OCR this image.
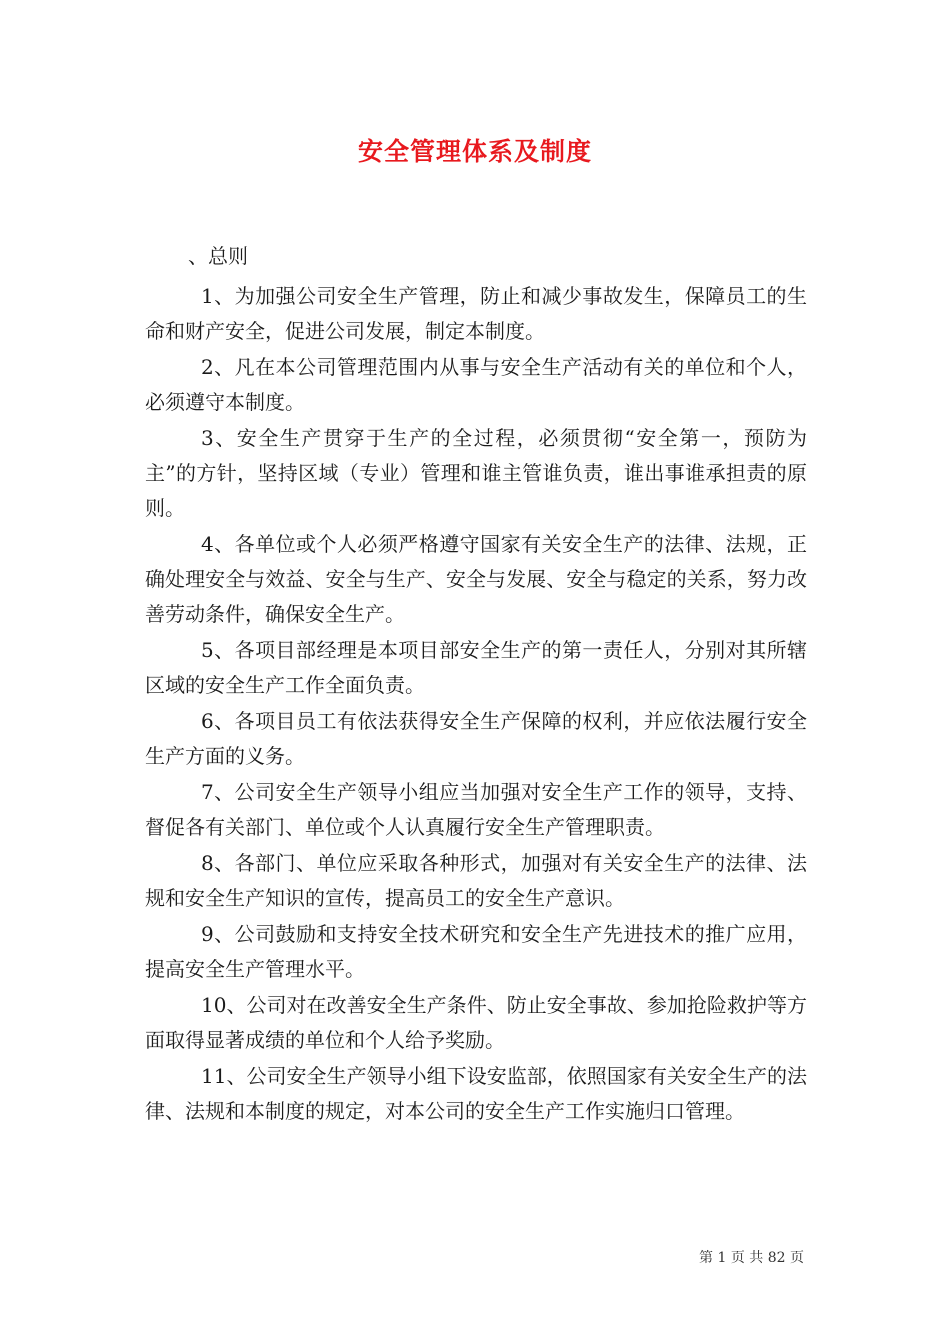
安全管理体系及制度

、总则

1、为加强公司安全生产管理，防止和减少事故发生，保障员工的生命和财产安全，促进公司发展，制定本制度。

2、凡在本公司管理范围内从事与安全生产活动有关的单位和个人，必须遵守本制度。

3、安全生产贯穿于生产的全过程，必须贯彻“安全第一，预防为主”的方针，坚持区域（专业）管理和谁主管谁负责，谁出事谁承担责的原则。

4、各单位或个人必须严格遵守国家有关安全生产的法律、法规，正确处理安全与效益、安全与生产、安全与发展、安全与稳定的关系，努力改善劳动条件，确保安全生产。

5、各项目部经理是本项目部安全生产的第一责任人，分别对其所辖区域的安全生产工作全面负责。

6、各项目员工有依法获得安全生产保障的权利，并应依法履行安全生产方面的义务。

7、公司安全生产领导小组应当加强对安全生产工作的领导，支持、督促各有关部门、单位或个人认真履行安全生产管理职责。

8、各部门、单位应采取各种形式，加强对有关安全生产的法律、法规和安全生产知识的宣传，提高员工的安全生产意识。

9、公司鼓励和支持安全技术研究和安全生产先进技术的推广应用，提高安全生产管理水平。

10、公司对在改善安全生产条件、防止安全事故、参加抢险救护等方面取得显著成绩的单位和个人给予奖励。

11、公司安全生产领导小组下设安监部，依照国家有关安全生产的法律、法规和本制度的规定，对本公司的安全生产工作实施归口管理。

第 1 页 共 82 页
